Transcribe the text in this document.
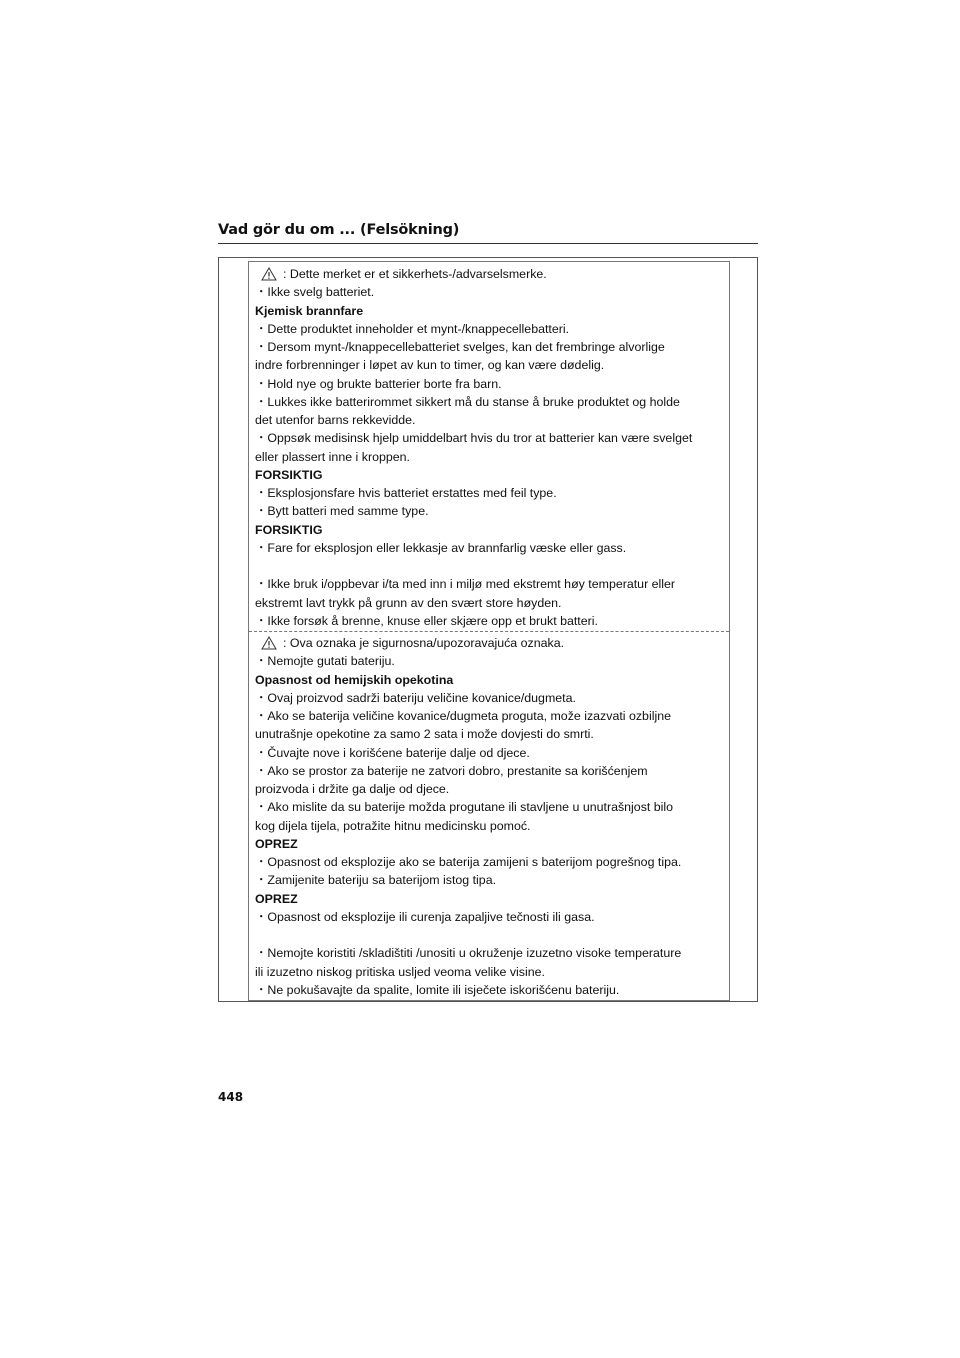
Vad gör du om ... (Felsökning)
: Dette merket er et sikkerhets-/advarselsmerke.
・Ikke svelg batteriet.
Kjemisk brannfare
・Dette produktet inneholder et mynt-/knappecellebatteri.
・Dersom mynt-/knappecellebatteriet svelges, kan det frembringe alvorlige
indre forbrenninger i løpet av kun to timer, og kan være dødelig.
・Hold nye og brukte batterier borte fra barn.
・Lukkes ikke batterirommet sikkert må du stanse å bruke produktet og holde
det utenfor barns rekkevidde.
・Oppsøk medisinsk hjelp umiddelbart hvis du tror at batterier kan være svelget
eller plassert inne i kroppen.
FORSIKTIG
・Eksplosjonsfare hvis batteriet erstattes med feil type.
・Bytt batteri med samme type.
FORSIKTIG
・Fare for eksplosjon eller lekkasje av brannfarlig væske eller gass.
・Ikke bruk i/oppbevar i/ta med inn i miljø med ekstremt høy temperatur eller
ekstremt lavt trykk på grunn av den svært store høyden.
・Ikke forsøk å brenne, knuse eller skjære opp et brukt batteri.
: Ova oznaka je sigurnosna/upozoravajuća oznaka.
・Nemojte gutati bateriju.
Opasnost od hemijskih opekotina
・Ovaj proizvod sadrži bateriju veličine kovanice/dugmeta.
・Ako se baterija veličine kovanice/dugmeta proguta, može izazvati ozbiljne
unutrašnje opekotine za samo 2 sata i može dovjesti do smrti.
・Čuvajte nove i korišćene baterije dalje od djece.
・Ako se prostor za baterije ne zatvori dobro, prestanite sa korišćenjem
proizvoda i držite ga dalje od djece.
・Ako mislite da su baterije možda progutane ili stavljene u unutrašnjost bilo
kog dijela tijela, potražite hitnu medicinsku pomoć.
OPREZ
・Opasnost od eksplozije ako se baterija zamijeni s baterijom pogrešnog tipa.
・Zamijenite bateriju sa baterijom istog tipa.
OPREZ
・Opasnost od eksplozije ili curenja zapaljive tečnosti ili gasa.
・Nemojte koristiti /skladištiti /unositi u okruženje izuzetno visoke temperature
ili izuzetno niskog pritiska usljed veoma velike visine.
・Ne pokušavajte da spalite, lomite ili isječete iskorišćenu bateriju.
448
